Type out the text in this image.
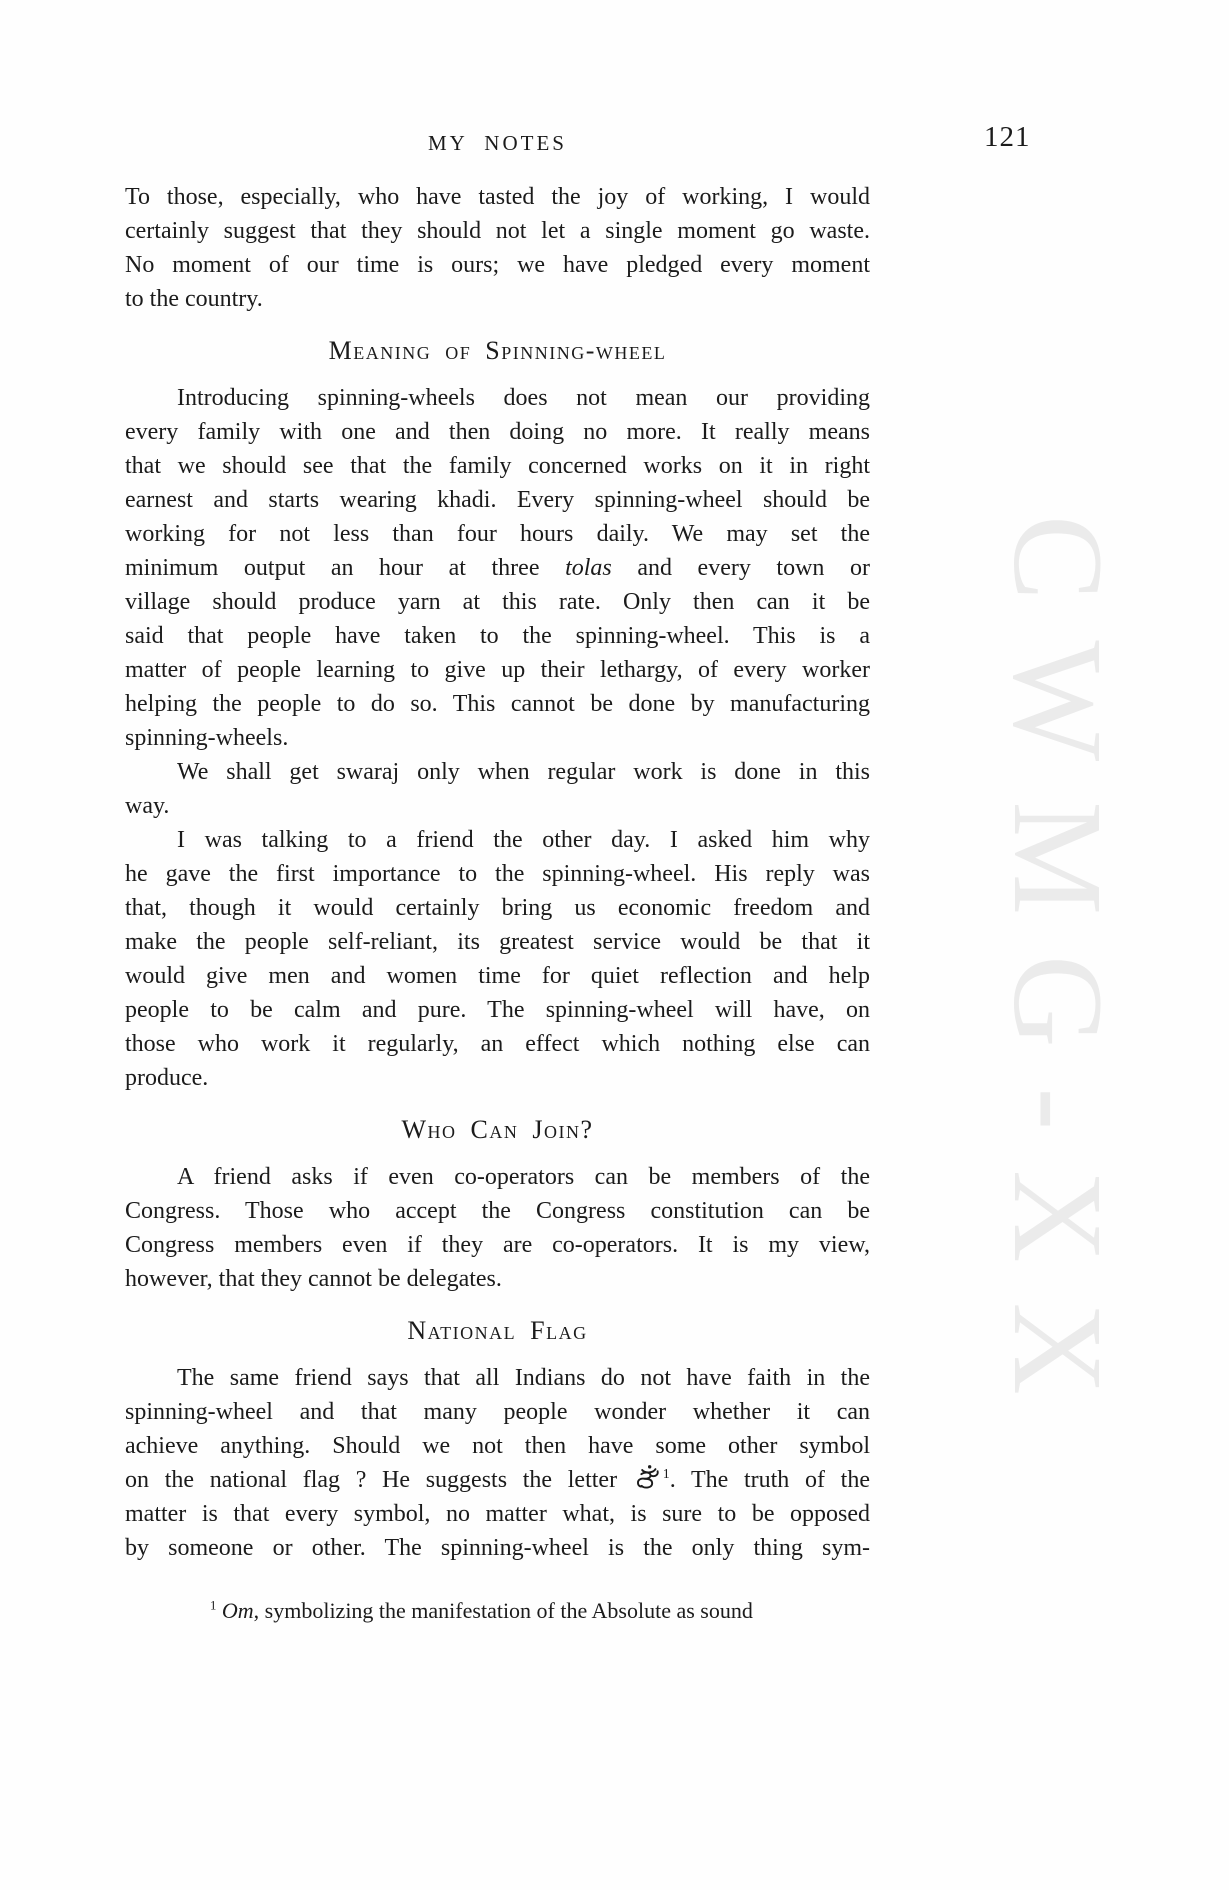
CWMG-XX
MY NOTES	121
To those, especially, who have tasted the joy of working, I would
certainly suggest that they should not let a single moment go waste.
No moment of our time is ours; we have pledged every moment
to the country.
Meaning of Spinning-wheel
Introducing spinning-wheels does not mean our providing
every family with one and then doing no more. It really means
that we should see that the family concerned works on it in right
earnest and starts wearing khadi. Every spinning-wheel should be
working for not less than four hours daily. We may set the
minimum output an hour at three tolas and every town or
village should produce yarn at this rate. Only then can it be
said that people have taken to the spinning-wheel. This is a
matter of people learning to give up their lethargy, of every worker
helping the people to do so. This cannot be done by manufacturing
spinning-wheels.
We shall get swaraj only when regular work is done in this
way.
I was talking to a friend the other day. I asked him why
he gave the first importance to the spinning-wheel. His reply was
that, though it would certainly bring us economic freedom and
make the people self-reliant, its greatest service would be that it
would give men and women time for quiet reflection and help
people to be calm and pure. The spinning-wheel will have, on
those who work it regularly, an effect which nothing else can
produce.
Who Can Join?
A friend asks if even co-operators can be members of the
Congress. Those who accept the Congress constitution can be
Congress members even if they are co-operators. It is my view,
however, that they cannot be delegates.
National Flag
The same friend says that all Indians do not have faith in the
spinning-wheel and that many people wonder whether it can
achieve anything. Should we not then have some other symbol
on the national flag ? He suggests the letter $^1$. The truth of the
matter is that every symbol, no matter what, is sure to be opposed
by someone or other. The spinning-wheel is the only thing sym-
$^1$ Om, symbolizing the manifestation of the Absolute as sound
